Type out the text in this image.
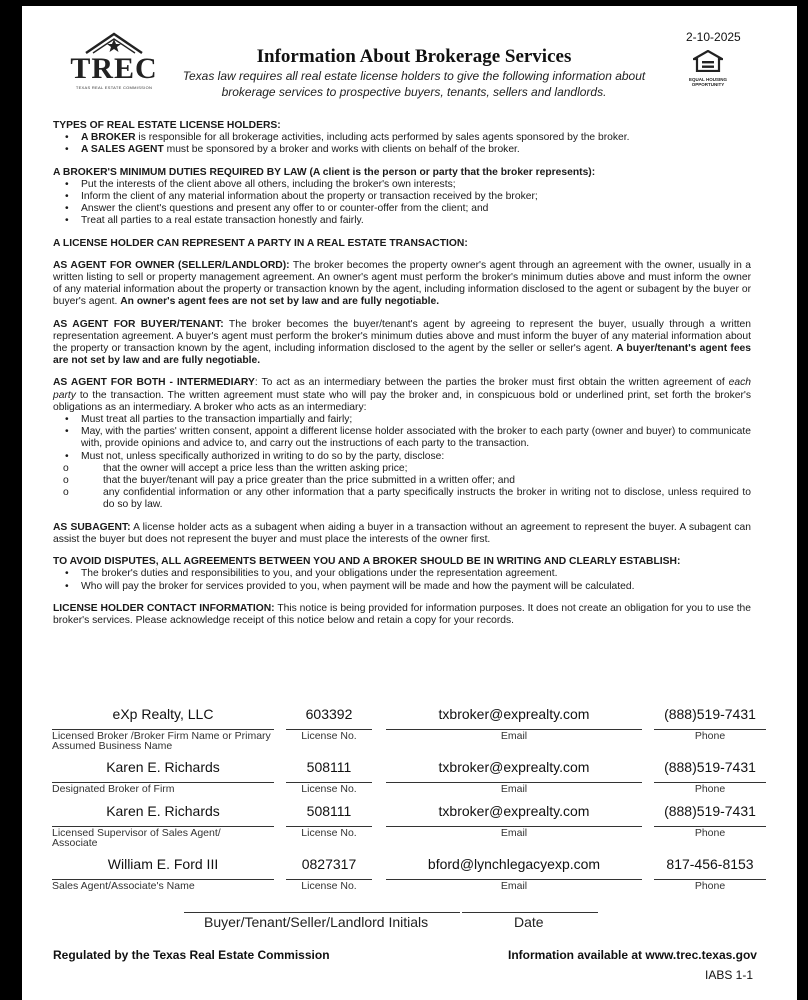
2-10-2025
TREC
TEXAS REAL ESTATE COMMISSION
Information About Brokerage Services
Texas law requires all real estate license holders to give the following information about
brokerage services to prospective buyers, tenants, sellers and landlords.
EQUAL HOUSING OPPORTUNITY

TYPES OF REAL ESTATE LICENSE HOLDERS:

• A BROKER is responsible for all brokerage activities, including acts performed by sales agents sponsored by the broker.
• A SALES AGENT must be sponsored by a broker and works with clients on behalf of the broker.

A BROKER'S MINIMUM DUTIES REQUIRED BY LAW (A client is the person or party that the broker represents):

• Put the interests of the client above all others, including the broker's own interests;
• Inform the client of any material information about the property or transaction received by the broker;
• Answer the client's questions and present any offer to or counter-offer from the client; and
• Treat all parties to a real estate transaction honestly and fairly.

A LICENSE HOLDER CAN REPRESENT A PARTY IN A REAL ESTATE TRANSACTION:

AS AGENT FOR OWNER (SELLER/LANDLORD): The broker becomes the property owner's agent through an agreement with the owner, usually in a written listing to sell or property management agreement. An owner's agent must perform the broker's minimum duties above and must inform the owner of any material information about the property or transaction known by the agent, including information disclosed to the agent or subagent by the buyer or buyer's agent. An owner's agent fees are not set by law and are fully negotiable.

AS AGENT FOR BUYER/TENANT: The broker becomes the buyer/tenant's agent by agreeing to represent the buyer, usually through a written representation agreement. A buyer's agent must perform the broker's minimum duties above and must inform the buyer of any material information about the property or transaction known by the agent, including information disclosed to the agent by the seller or seller's agent. A buyer/tenant's agent fees are not set by law and are fully negotiable.

AS AGENT FOR BOTH - INTERMEDIARY: To act as an intermediary between the parties the broker must first obtain the written agreement of each party to the transaction. The written agreement must state who will pay the broker and, in conspicuous bold or underlined print, set forth the broker's obligations as an intermediary. A broker who acts as an intermediary:

• Must treat all parties to the transaction impartially and fairly;
• May, with the parties' written consent, appoint a different license holder associated with the broker to each party (owner and buyer) to communicate with, provide opinions and advice to, and carry out the instructions of each party to the transaction.
• Must not, unless specifically authorized in writing to do so by the party, disclose:
o that the owner will accept a price less than the written asking price;
o that the buyer/tenant will pay a price greater than the price submitted in a written offer; and
o any confidential information or any other information that a party specifically instructs the broker in writing not to disclose, unless required to do so by law.

AS SUBAGENT: A license holder acts as a subagent when aiding a buyer in a transaction without an agreement to represent the buyer. A subagent can assist the buyer but does not represent the buyer and must place the interests of the owner first.

TO AVOID DISPUTES, ALL AGREEMENTS BETWEEN YOU AND A BROKER SHOULD BE IN WRITING AND CLEARLY ESTABLISH:

• The broker's duties and responsibilities to you, and your obligations under the representation agreement.
• Who will pay the broker for services provided to you, when payment will be made and how the payment will be calculated.

LICENSE HOLDER CONTACT INFORMATION: This notice is being provided for information purposes. It does not create an obligation for you to use the broker's services. Please acknowledge receipt of this notice below and retain a copy for your records.

eXp Realty, LLC	603392	txbroker@exprealty.com	(888)519-7431
Licensed Broker /Broker Firm Name or Primary Assumed Business Name
License No.	Email	Phone
Karen E. Richards	508111	txbroker@exprealty.com	(888)519-7431
Designated Broker of Firm	License No.	Email	Phone
Karen E. Richards	508111	txbroker@exprealty.com	(888)519-7431
Licensed Supervisor of Sales Agent/ Associate
License No.	Email	Phone
William E. Ford III	0827317	bford@lynchlegacyexp.com	817-456-8153
Sales Agent/Associate's Name	License No.	Email	Phone
Buyer/Tenant/Seller/Landlord Initials	Date
Regulated by the Texas Real Estate Commission	Information available at www.trec.texas.gov
IABS 1-1
